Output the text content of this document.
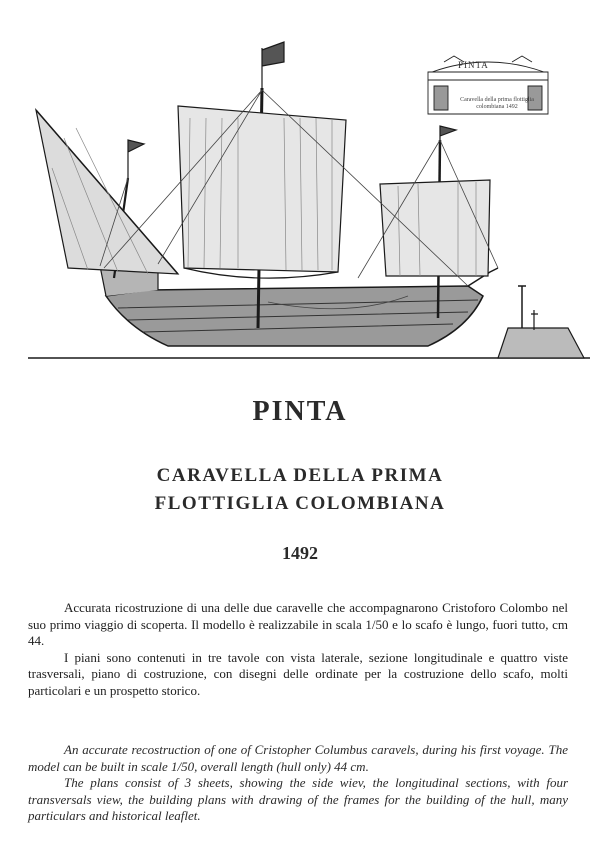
PINTA
Caravella della prima flottiglia colombiana 1492
PINTA
CARAVELLA DELLA PRIMA
FLOTTIGLIA COLOMBIANA
1492

Accurata ricostruzione di una delle due caravelle che accompagnarono Cristoforo Colombo nel suo primo viaggio di scoperta. Il modello è realizzabile in scala 1/50 e lo scafo è lungo, fuori tutto, cm 44.

I piani sono contenuti in tre tavole con vista laterale, sezione longitudinale e quattro viste trasversali, piano di costruzione, con disegni delle ordinate per la costruzione dello scafo, molti particolari e un prospetto storico.

An accurate recostruction of one of Cristopher Columbus caravels, during his first voyage. The model can be built in scale 1/50, overall length (hull only) 44 cm.

The plans consist of 3 sheets, showing the side wiev, the longitudinal sections, with four transversals view, the building plans with drawing of the frames for the building of the hull, many particulars and historical leaflet.
